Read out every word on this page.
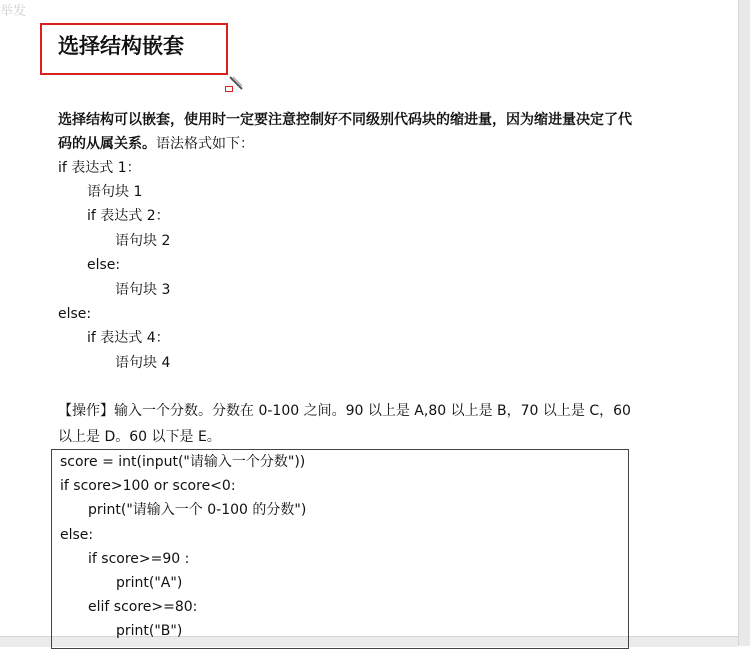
举发
选择结构嵌套
选择结构可以嵌套，使用时一定要注意控制好不同级别代码块的缩进量，因为缩进量决定了代码的从属关系。语法格式如下：
if 表达式 1：
语句块 1
if 表达式 2：
语句块 2
else:
语句块 3
else:
if 表达式 4：
语句块 4
【操作】输入一个分数。分数在 0-100 之间。90 以上是 A,80 以上是 B，70 以上是 C，60
以上是 D。60 以下是 E。
score = int(input("请输入一个分数"))
if score>100 or score<0:
print("请输入一个 0-100 的分数")
else:
if score>=90 :
print("A")
elif score>=80:
print("B")
